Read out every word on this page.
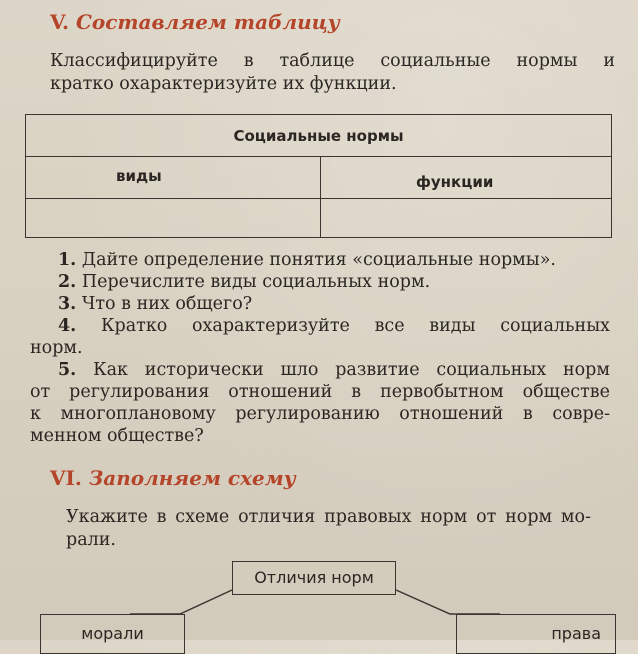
V. Составляем таблицу
Классифицируйте в таблице социальные нормы и
кратко охарактеризуйте их функции.
Социальные нормы
виды	функции
1. Дайте определение понятия «социальные нормы».
2. Перечислите виды социальных норм.
3. Что в них общего?
4. Кратко охарактеризуйте все виды социальных
норм.
5. Как исторически шло развитие социальных норм
от регулирования отношений в первобытном обществе
к многоплановому регулированию отношений в совре-
менном обществе?
VI. Заполняем схему
Укажите в схеме отличия правовых норм от норм мо-
рали.
Отличия норм
морали	права
